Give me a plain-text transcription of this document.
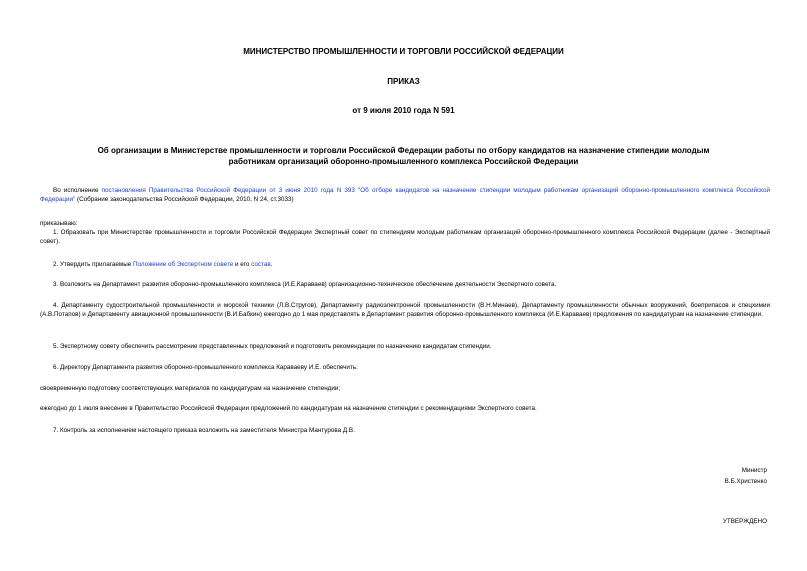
МИНИСТЕРСТВО ПРОМЫШЛЕННОСТИ И ТОРГОВЛИ РОССИЙСКОЙ ФЕДЕРАЦИИ
ПРИКАЗ
от 9 июля 2010 года N 591
Об организации в Министерстве промышленности и торговли Российской Федерации работы по отбору кандидатов на назначение стипендии молодым
работникам организаций оборонно-промышленного комплекса Российской Федерации
Во исполнение постановления Правительства Российской Федерации от 3 июня 2010 года N 393 "Об отборе кандидатов на назначение стипендии молодым работникам организаций оборонно-промышленного комплекса Российской Федерации" (Собрание законодательства Российской Федерации, 2010, N 24, ст.3033)
приказываю:
1. Образовать при Министерстве промышленности и торговли Российской Федерации Экспертный совет по стипендиям молодым работникам организаций оборонно-промышленного комплекса Российской Федерации (далее - Экспертный совет).
2. Утвердить прилагаемые Положение об Экспертном совете и его состав.
3. Возложить на Департамент развития оборонно-промышленного комплекса (И.Е.Караваев) организационно-техническое обеспечение деятельности Экспертного совета.
4. Департаменту судостроительной промышленности и морской техники (Л.В.Стругов), Департаменту радиоэлектронной промышленности (В.Н.Минаев), Департаменту промышленности обычных вооружений, боеприпасов и спецхимии (А.В.Потапов) и Департаменту авиационной промышленности (В.И.Бабкин) ежегодно до 1 мая представлять в Департамент развития оборонно-промышленного комплекса (И.Е.Караваев) предложения по кандидатурам на назначение стипендии.
5. Экспертному совету обеспечить рассмотрение представленных предложений и подготовить рекомендации по назначению кандидатам стипендии.
6. Директору Департамента развития оборонно-промышленного комплекса Караваеву И.Е. обеспечить:
своевременную подготовку соответствующих материалов по кандидатурам на назначение стипендии;
ежегодно до 1 июля внесение в Правительство Российской Федерации предложений по кандидатурам на назначение стипендии с рекомендациями Экспертного совета.
7. Контроль за исполнением настоящего приказа возложить на заместителя Министра Мантурова Д.В.
Министр
В.Б.Христенко
УТВЕРЖДЕНО
